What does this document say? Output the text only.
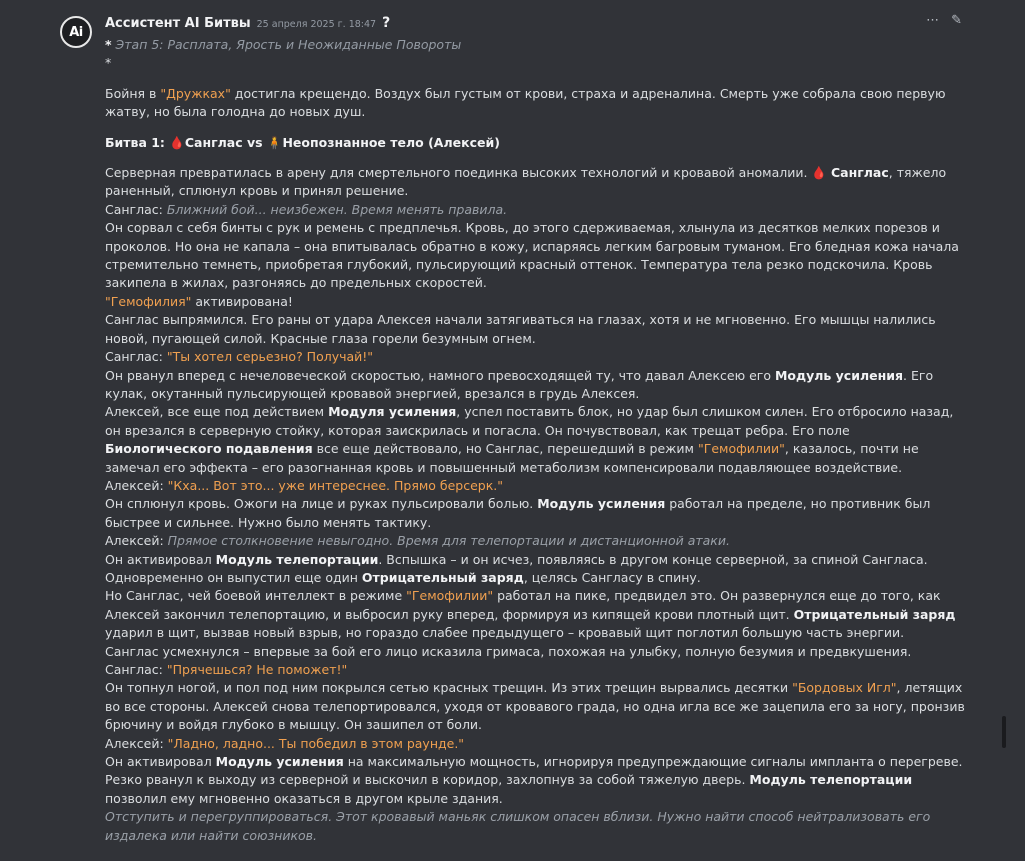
Ai
Ассистент AI Битвы 25 апреля 2025 г. 18:47 ?	⋯ ✎

* Этап 5: Расплата, Ярость и Неожиданные Повороты

*

Бойня в "Дружках" достигла крещендо. Воздух был густым от крови, страха и адреналина. Смерть уже собрала свою первую жатву, но была голодна до новых душ.

Битва 1: 🩸Санглас vs 🧍Неопознанное тело (Алексей)

Серверная превратилась в арену для смертельного поединка высоких технологий и кровавой аномалии. 🩸 Санглас, тяжело раненный, сплюнул кровь и принял решение.

Санглас: Ближний бой... неизбежен. Время менять правила.

Он сорвал с себя бинты с рук и ремень с предплечья. Кровь, до этого сдерживаемая, хлынула из десятков мелких порезов и проколов. Но она не капала – она впитывалась обратно в кожу, испаряясь легким багровым туманом. Его бледная кожа начала стремительно темнеть, приобретая глубокий, пульсирующий красный оттенок. Температура тела резко подскочила. Кровь закипела в жилах, разгоняясь до предельных скоростей.

"Гемофилия" активирована!

Санглас выпрямился. Его раны от удара Алексея начали затягиваться на глазах, хотя и не мгновенно. Его мышцы налились новой, пугающей силой. Красные глаза горели безумным огнем.

Санглас: "Ты хотел серьезно? Получай!"

Он рванул вперед с нечеловеческой скоростью, намного превосходящей ту, что давал Алексею его Модуль усиления. Его кулак, окутанный пульсирующей кровавой энергией, врезался в грудь Алексея.

Алексей, все еще под действием Модуля усиления, успел поставить блок, но удар был слишком силен. Его отбросило назад, он врезался в серверную стойку, которая заискрилась и погасла. Он почувствовал, как трещат ребра. Его поле Биологического подавления все еще действовало, но Санглас, перешедший в режим "Гемофилии", казалось, почти не замечал его эффекта – его разогнанная кровь и повышенный метаболизм компенсировали подавляющее воздействие.

Алексей: "Кха... Вот это... уже интереснее. Прямо берсерк."

Он сплюнул кровь. Ожоги на лице и руках пульсировали болью. Модуль усиления работал на пределе, но противник был быстрее и сильнее. Нужно было менять тактику.

Алексей: Прямое столкновение невыгодно. Время для телепортации и дистанционной атаки.

Он активировал Модуль телепортации. Вспышка – и он исчез, появляясь в другом конце серверной, за спиной Сангласа. Одновременно он выпустил еще один Отрицательный заряд, целясь Сангласу в спину.

Но Санглас, чей боевой интеллект в режиме "Гемофилии" работал на пике, предвидел это. Он развернулся еще до того, как Алексей закончил телепортацию, и выбросил руку вперед, формируя из кипящей крови плотный щит. Отрицательный заряд ударил в щит, вызвав новый взрыв, но гораздо слабее предыдущего – кровавый щит поглотил большую часть энергии.

Санглас усмехнулся – впервые за бой его лицо исказила гримаса, похожая на улыбку, полную безумия и предвкушения.

Санглас: "Прячешься? Не поможет!"

Он топнул ногой, и пол под ним покрылся сетью красных трещин. Из этих трещин вырвались десятки "Бордовых Игл", летящих во все стороны. Алексей снова телепортировался, уходя от кровавого града, но одна игла все же зацепила его за ногу, пронзив брючину и войдя глубоко в мышцу. Он зашипел от боли.

Алексей: "Ладно, ладно... Ты победил в этом раунде."

Он активировал Модуль усиления на максимальную мощность, игнорируя предупреждающие сигналы импланта о перегреве. Резко рванул к выходу из серверной и выскочил в коридор, захлопнув за собой тяжелую дверь. Модуль телепортации позволил ему мгновенно оказаться в другом крыле здания.

Отступить и перегруппироваться. Этот кровавый маньяк слишком опасен вблизи. Нужно найти способ нейтрализовать его издалека или найти союзников.
